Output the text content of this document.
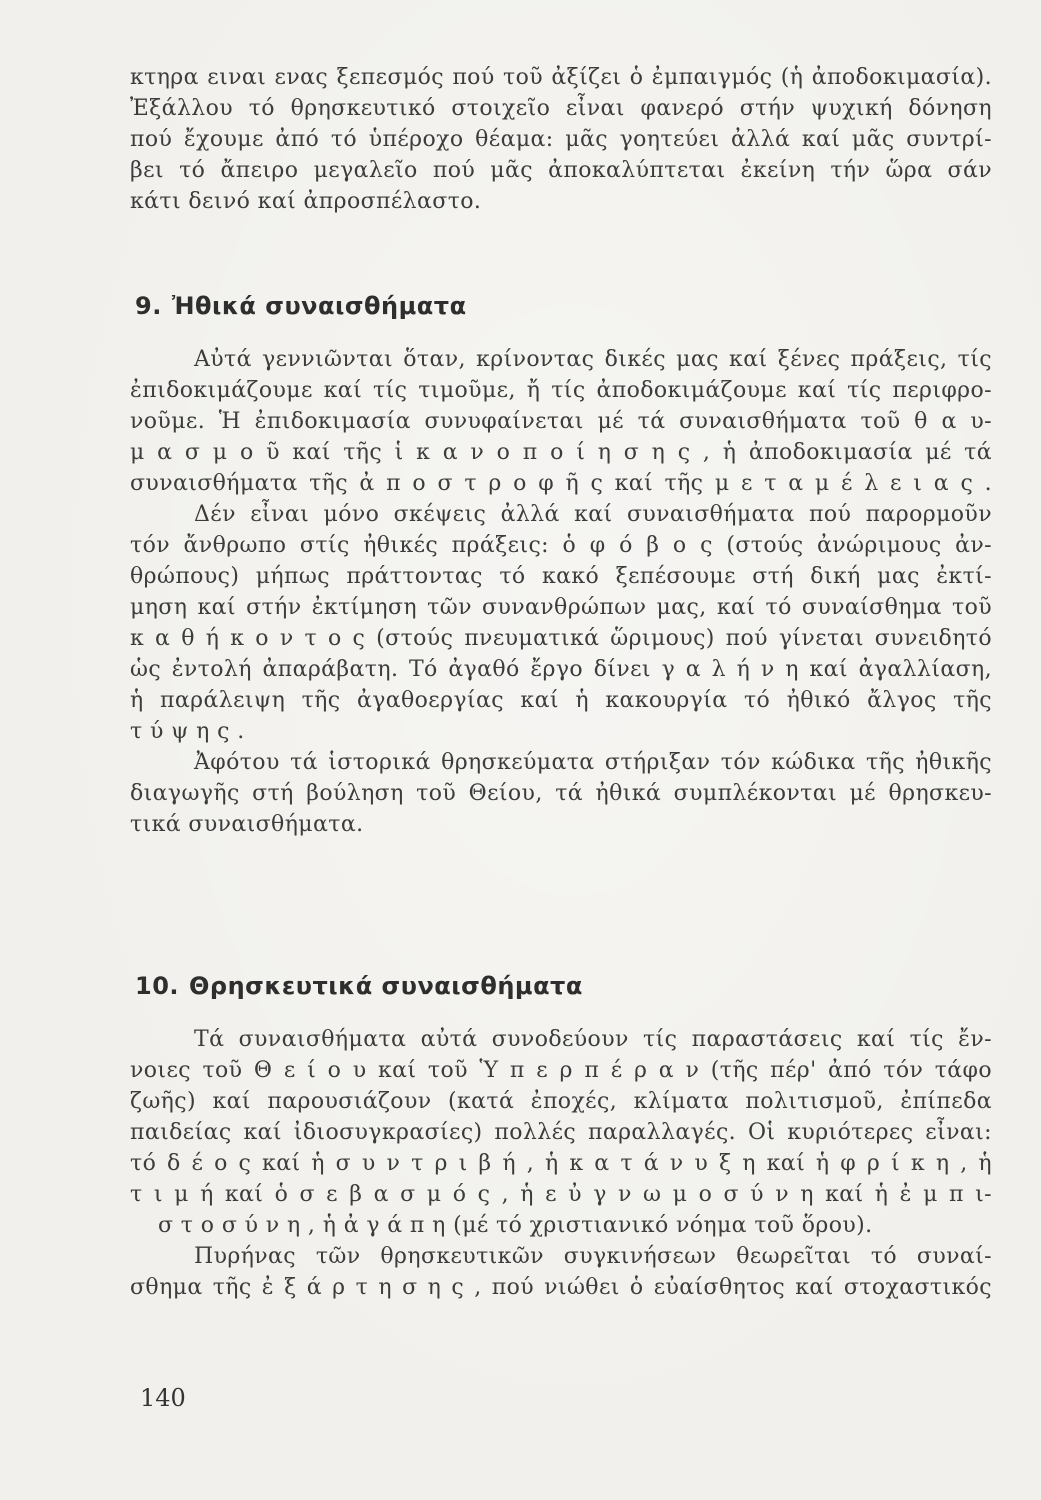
κτηρα ειναι ενας ξεπεσμός πού τοῦ ἀξίζει ὁ ἐμπαιγμός (ἡ ἀποδοκιμασία).
Ἐξάλλου τό θρησκευτικό στοιχεῖο εἶναι φανερό στήν ψυχική δόνηση
πού ἔχουμε ἀπό τό ὑπέροχο θέαμα: μᾶς γοητεύει ἀλλά καί μᾶς συντρί-
βει τό ἄπειρο μεγαλεῖο πού μᾶς ἀποκαλύπτεται ἐκείνη τήν ὥρα σάν
κάτι δεινό καί ἀπροσπέλαστο.
9. Ἠθικά συναισθήματα
Αὐτά γεννιῶνται ὅταν, κρίνοντας δικές μας καί ξένες πράξεις, τίς
ἐπιδοκιμάζουμε καί τίς τιμοῦμε, ἤ τίς ἀποδοκιμάζουμε καί τίς περιφρο-
νοῦμε. Ἡ ἐπιδοκιμασία συνυφαίνεται μέ τά συναισθήματα τοῦ θ α υ-
μ α σ μ ο ῦ καί τῆς ἱ κ α ν ο π ο ί η σ η ς , ἡ ἀποδοκιμασία μέ τά
συναισθήματα τῆς ἀ π ο σ τ ρ ο φ ῆ ς καί τῆς μ ε τ α μ έ λ ε ι α ς .
Δέν εἶναι μόνο σκέψεις ἀλλά καί συναισθήματα πού παρορμοῦν
τόν ἄνθρωπο στίς ἠθικές πράξεις: ὁ φ ό β ο ς (στούς ἀνώριμους ἀν-
θρώπους) μήπως πράττοντας τό κακό ξεπέσουμε στή δική μας ἐκτί-
μηση καί στήν ἐκτίμηση τῶν συνανθρώπων μας, καί τό συναίσθημα τοῦ
κ α θ ή κ ο ν τ ο ς (στούς πνευματικά ὥριμους) πού γίνεται συνειδητό
ὡς ἐντολή ἀπαράβατη. Τό ἀγαθό ἔργο δίνει γ α λ ή ν η καί ἀγαλλίαση,
ἡ παράλειψη τῆς ἀγαθοεργίας καί ἡ κακουργία τό ἠθικό ἄλγος τῆς
τ ύ ψ η ς .
Ἀφότου τά ἱστορικά θρησκεύματα στήριξαν τόν κώδικα τῆς ἠθικῆς
διαγωγῆς στή βούληση τοῦ Θείου, τά ἠθικά συμπλέκονται μέ θρησκευ-
τικά συναισθήματα.
10. Θρησκευτικά συναισθήματα
Τά συναισθήματα αὐτά συνοδεύουν τίς παραστάσεις καί τίς ἔν-
νοιες τοῦ Θ ε ί ο υ καί τοῦ Ὑ π ε ρ π έ ρ α ν (τῆς πέρ' ἀπό τόν τάφο
ζωῆς) καί παρουσιάζουν (κατά ἐποχές, κλίματα πολιτισμοῦ, ἐπίπεδα
παιδείας καί ἰδιοσυγκρασίες) πολλές παραλλαγές. Οἱ κυριότερες εἶναι:
τό δ έ ο ς καί ἡ σ υ ν τ ρ ι β ή , ἡ κ α τ ά ν υ ξ η καί ἡ φ ρ ί κ η , ἡ
τ ι μ ή καί ὁ σ ε β α σ μ ό ς , ἡ ε ὐ γ ν ω μ ο σ ύ ν η καί ἡ ἐ μ π ι-
σ τ ο σ ύ ν η , ἡ ἀ γ ά π η (μέ τό χριστιανικό νόημα τοῦ ὅρου).
Πυρήνας τῶν θρησκευτικῶν συγκινήσεων θεωρεῖται τό συναί-
σθημα τῆς ἐ ξ ά ρ τ η σ η ς , πού νιώθει ὁ εὐαίσθητος καί στοχαστικός
140
